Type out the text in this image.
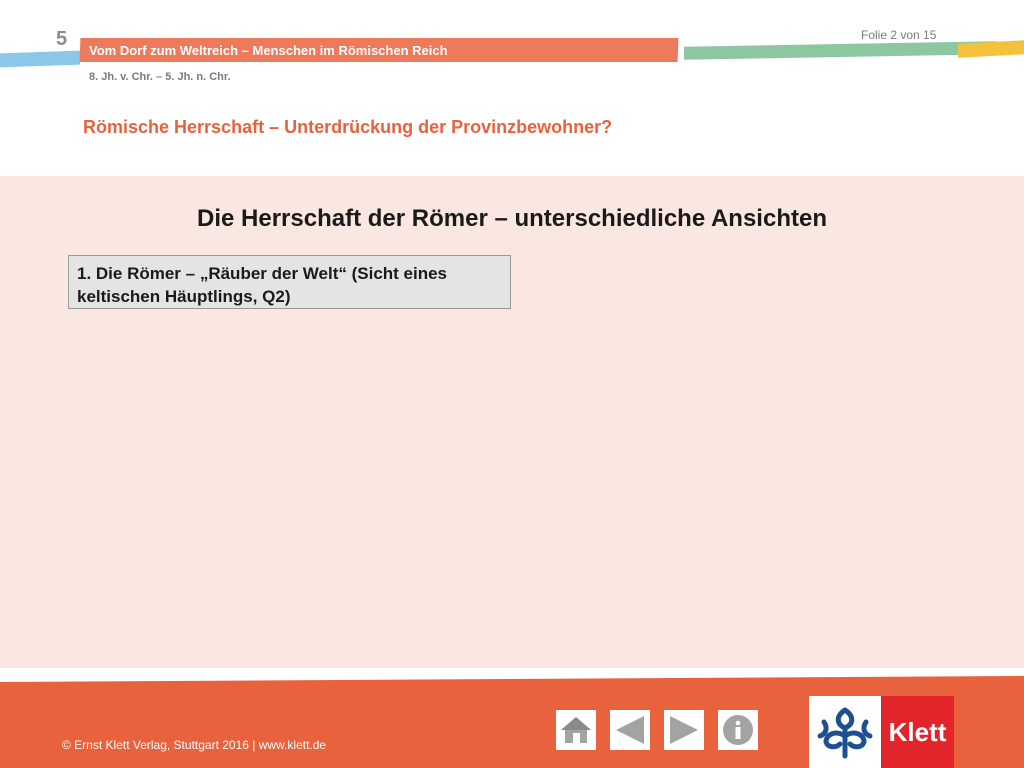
5
Vom Dorf zum Weltreich – Menschen im Römischen Reich
Folie 2 von 15
8. Jh. v. Chr. – 5. Jh. n. Chr.
Römische Herrschaft – Unterdrückung der Provinzbewohner?
Die Herrschaft der Römer – unterschiedliche Ansichten
1. Die Römer – „Räuber der Welt“ (Sicht eines keltischen Häuptlings, Q2)
© Ernst Klett Verlag, Stuttgart 2016 | www.klett.de	Klett
